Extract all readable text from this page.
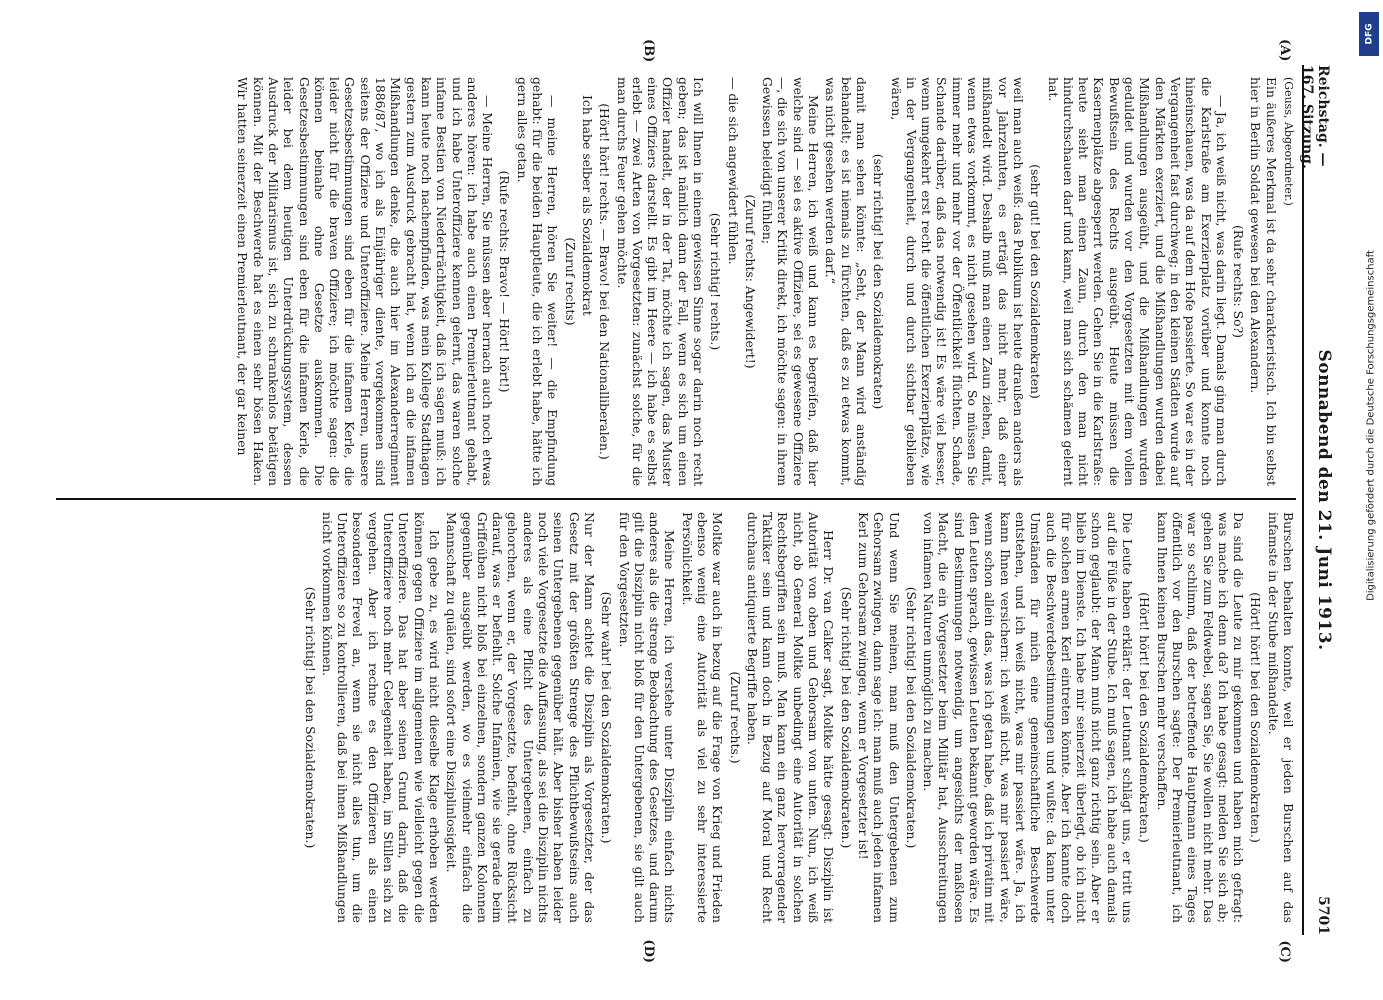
Reichstag. — 167. Sitzung.
Sonnabend den 21. Juni 1913.
5701
(A)
(B)

(Geuss, Abgeordneter.)

Ein äußeres Merkmal ist da sehr charakteristisch. Ich bin selbst hier in Berlin Soldat gewesen bei den Alexandern.

(Rufe rechts: So?)

— Ja, ich weiß nicht, was darin liegt. Damals ging man durch die Karlstraße am Exerzierplatz vorüber und konnte noch hineinschauen, was da auf dem Hofe passierte. So war es in der Vergangenheit fast durchweg; in den kleinen Städten wurde auf den Märkten exerziert, und die Mißhandlungen wurden dabei Mißhandlungen ausgeübt, und die Mißhandlungen wurden geduldet und wurden vor den Vorgesetzten mit dem vollen Bewußtsein des Rechts ausgeübt. Heute müssen die Kasernenplätze abgesperrt werden. Gehen Sie in die Karlstraße: heute sieht man einen Zaun, durch den man nicht hindurchschauen darf und kann, weil man sich schämen gelernt hat.

(sehr gut! bei den Sozialdemokraten)

weil man auch weiß: das Publikum ist heute draußen anders als vor Jahrzehnten, es erträgt das nicht mehr, daß einer mißhandelt wird. Deshalb muß man einen Zaun ziehen, damit, wenn etwas vorkommt, es nicht gesehen wird. So müssen Sie immer mehr und mehr vor der Öffentlichkeit flüchten. Schade, Schande darüber, daß das notwendig ist! Es wäre viel besser, wenn umgekehrt erst recht die öffentlichen Exerzierplätze, wie in der Vergangenheit, durch und durch sichtbar geblieben wären,

(sehr richtig! bei den Sozialdemokraten)

damit man sehen könnte: „Seht, der Mann wird anständig behandelt; es ist niemals zu fürchten, daß es zu etwas kommt, was nicht gesehen werden darf.“

Meine Herren, ich weiß und kann es begreifen, daß hier welche sind — sei es aktive Offiziere, sei es gewesene Offiziere —, die sich von unserer Kritik direkt, ich möchte sagen: in ihrem Gewissen beleidigt fühlen;

(Zuruf rechts: Angewidert!)

— die sich angewidert fühlen.

(Sehr richtig! rechts.)

Ich will Ihnen in einem gewissen Sinne sogar darin noch recht geben; das ist nämlich dann der Fall, wenn es sich um einen Offizier handelt, der in der Tat, möchte ich sagen, das Muster eines Offiziers darstellt. Es gibt im Heere — ich habe es selbst erlebt — zwei Arten von Vorgesetzten: zunächst solche, für die man durchs Feuer gehen möchte.

(Hört! hört! rechts. — Bravo! bei den Nationalliberalen.)

Ich habe selber als Sozialdemokrat

(Zuruf rechts)

— meine Herren, hören Sie weiter! — die Empfindung gehabt: für die beiden Hauptleute, die ich erlebt habe, hätte ich gern alles getan.

(Rufe rechts: Bravo! — Hört! hört!)

— Meine Herren, Sie müssen aber hernach auch noch etwas anderes hören: ich habe auch einen Premierleutnant gehabt, und ich habe Unteroffiziere kennen gelernt, das waren solche infame Bestien von Niederträchtigkeit, daß ich sagen muß: ich kann heute noch nachempfinden, was mein Kollege Stadthagen gestern zum Ausdruck gebracht hat, wenn ich an die infamen Mißhandlungen denke, die auch hier im Alexanderregiment 1886/87, wo ich als Einjähriger diente, vorgekommen sind seitens der Offiziere und Unteroffiziere. Meine Herren, unsere Gesetzesbestimmungen sind eben für die infamen Kerle, die leider nicht für die braven Offiziere; ich möchte sagen: die können beinahe ohne Gesetze auskommen. Die Gesetzesbestimmungen sind eben für die infamen Kerle, die leider bei dem heutigen Unterdrückungssystem, dessen Ausdruck der Militarismus ist, sich zu schrankenlos betätigen können. Mit der Beschwerde hat es einen sehr bösen Haken. Wir hatten seinerzeit einen Premierleutnant, der gar keinen

(C)
(D)

Burschen behalten konnte, weil er jeden Burschen auf das infamste in der Stube mißhandelte.

(Hört! hört! bei den Sozialdemokraten.)

Da sind die Leute zu mir gekommen und haben mich gefragt: was mache ich denn da? Ich habe gesagt: melden Sie sich ab; gehen Sie zum Feldwebel, sagen Sie, Sie wollen nicht mehr. Das war so schlimm, daß der betreffende Hauptmann eines Tages öffentlich vor den Burschen sagte: Der Premierleutnant, ich kann Ihnen keinen Burschen mehr verschaffen.

(Hört! hört! bei den Sozialdemokraten.)

Die Leute haben erklärt: der Leutnant schlägt uns, er tritt uns auf die Füße in der Stube. Ich muß sagen, ich habe auch damals schon geglaubt: der Mann muß nicht ganz richtig sein. Aber er blieb im Dienste. Ich habe mir seinerzeit überlegt, ob ich nicht für solchen armen Kerl eintreten könnte. Aber ich kannte doch auch die Beschwerdebestimmungen und wußte: da kann unter Umständen für mich eine gemeinschaftliche Beschwerde entstehen, und ich weiß nicht, was mir passiert wäre. Ja, ich kann Ihnen versichern: ich weiß nicht, was mir passiert wäre, wenn schon allein das, was ich getan habe, daß ich privatim mit den Leuten sprach, gewissen Leuten bekannt geworden wäre. Es sind Bestimmungen notwendig, um angesichts der maßlosen Macht, die ein Vorgesetzter beim Militär hat, Ausschreitungen von infamen Naturen unmöglich zu machen.

(Sehr richtig! bei den Sozialdemokraten.)

Und wenn Sie meinen, man muß den Untergebenen zum Gehorsam zwingen, dann sage ich: man muß auch jeden infamen Kerl zum Gehorsam zwingen, wenn er Vorgesetzter ist!

(Sehr richtig! bei den Sozialdemokraten.)

Herr Dr. van Calker sagt, Moltke hätte gesagt: Disziplin ist Autorität von oben und Gehorsam von unten. Nun, ich weiß nicht, ob General Moltke unbedingt eine Autorität in solchen Rechtsbegriffen sein muß. Man kann ein ganz hervorragender Taktiker sein und kann doch in Bezug auf Moral und Recht durchaus antiquierte Begriffe haben.

(Zuruf rechts.)

Moltke war auch in bezug auf die Frage von Krieg und Frieden ebenso wenig eine Autorität als viel zu sehr interessierte Persönlichkeit.

Meine Herren, ich verstehe unter Disziplin einfach nichts anderes als die strenge Beobachtung des Gesetzes, und darum gilt die Disziplin nicht bloß für den Untergebenen, sie gilt auch für den Vorgesetzten.

(Sehr wahr! bei den Sozialdemokraten.)

Nur der Mann achtet die Disziplin als Vorgesetzter, der das Gesetz mit der größten Strenge des Pflichtbewußtseins auch seinen Untergebenen gegenüber hält. Aber bisher haben leider noch viele Vorgesetzte die Auffassung, als sei die Disziplin nichts anderes als eine Pflicht des Untergebenen, einfach zu gehorchen, wenn er, der Vorgesetzte, befiehlt, ohne Rücksicht darauf, was er befiehlt. Solche Infamien, wie sie gerade beim Griffeüben nicht bloß bei einzelnen, sondern ganzen Kolonnen gegenüber ausgeübt werden, wo es vielmehr einfach die Mannschaft zu quälen, sind sofort eine Disziplinlosigkeit.

Ich gebe zu, es wird nicht dieselbe Klage erhoben werden können gegen Offiziere im allgemeinen wie vielleicht gegen die Unteroffiziere. Das hat aber seinen Grund darin, daß die Unteroffiziere noch mehr Gelegenheit haben, im Stillen sich zu vergehen. Aber ich rechne es den Offizieren als einen besonderen Frevel an, wenn sie nicht alles tun, um die Unteroffiziere so zu kontrollieren, daß bei ihnen Mißhandlungen nicht vorkommen können.

(Sehr richtig! bei den Sozialdemokraten.)

DFG
Digitalisierung gefördert durch die Deutsche Forschungsgemeinschaft
